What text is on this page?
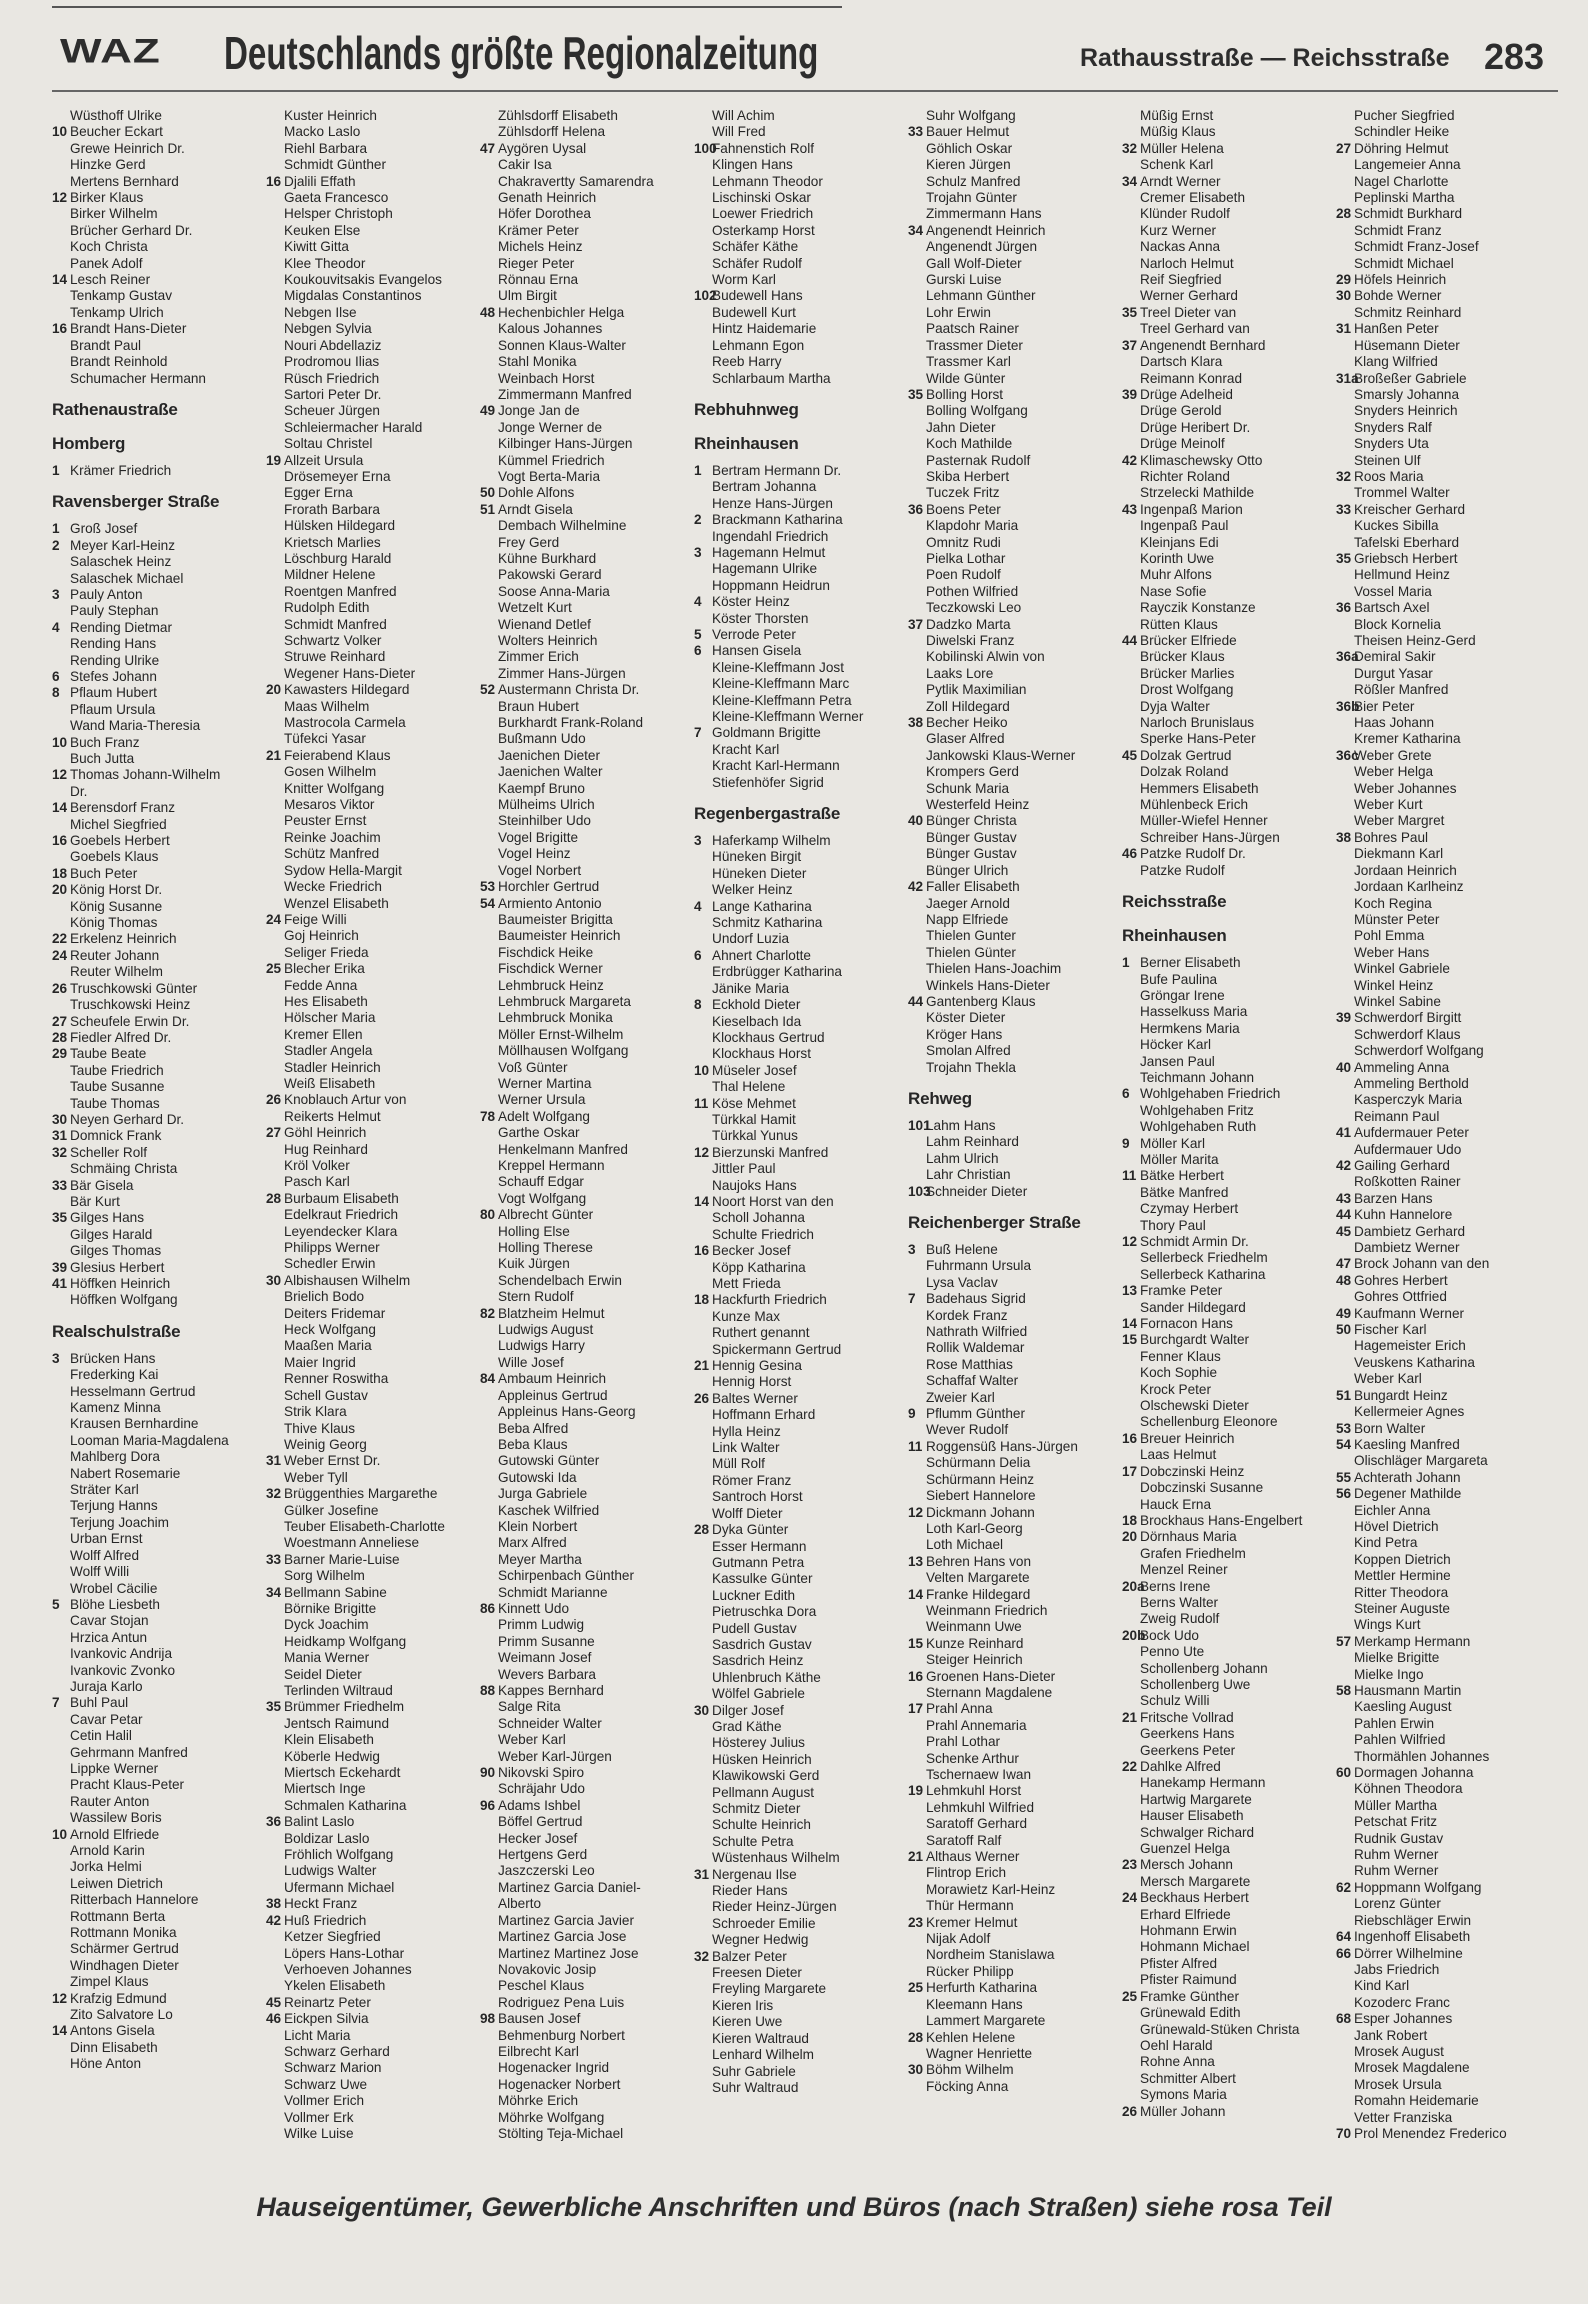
WAZ Deutschlands größte Regionalzeitung	Rathausstraße — Reichsstraße 283
Wüsthoff Ulrike
10 Beucher Eckart
Grewe Heinrich Dr.
Hinzke Gerd
Mertens Bernhard
12 Birker Klaus
Birker Wilhelm
Brücher Gerhard Dr.
Koch Christa
Panek Adolf
14 Lesch Reiner
Tenkamp Gustav
Tenkamp Ulrich
16 Brandt Hans-Dieter
Brandt Paul
Brandt Reinhold
Schumacher Hermann
Rathenaustraße
Homberg
1 Krämer Friedrich
Ravensberger Straße
1 Groß Josef
2 Meyer Karl-Heinz
Salaschek Heinz
Salaschek Michael
3 Pauly Anton
Pauly Stephan
4 Rending Dietmar
Rending Hans
Rending Ulrike
6 Stefes Johann
8 Pflaum Hubert
Pflaum Ursula
Wand Maria-Theresia
10 Buch Franz
Buch Jutta
12 Thomas Johann-Wilhelm
Dr.
14 Berensdorf Franz
Michel Siegfried
16 Goebels Herbert
Goebels Klaus
18 Buch Peter
20 König Horst Dr.
König Susanne
König Thomas
22 Erkelenz Heinrich
24 Reuter Johann
Reuter Wilhelm
26 Truschkowski Günter
Truschkowski Heinz
27 Scheufele Erwin Dr.
28 Fiedler Alfred Dr.
29 Taube Beate
Taube Friedrich
Taube Susanne
Taube Thomas
30 Neyen Gerhard Dr.
31 Domnick Frank
32 Scheller Rolf
Schmäing Christa
33 Bär Gisela
Bär Kurt
35 Gilges Hans
Gilges Harald
Gilges Thomas
39 Glesius Herbert
41 Höffken Heinrich
Höffken Wolfgang
Realschulstraße
3 Brücken Hans
Frederking Kai
Hesselmann Gertrud
Kamenz Minna
Krausen Bernhardine
Looman Maria-Magdalena
Mahlberg Dora
Nabert Rosemarie
Sträter Karl
Terjung Hanns
Terjung Joachim
Urban Ernst
Wolff Alfred
Wolff Willi
Wrobel Cäcilie
5 Blöhe Liesbeth
Cavar Stojan
Hrzica Antun
Ivankovic Andrija
Ivankovic Zvonko
Juraja Karlo
7 Buhl Paul
Cavar Petar
Cetin Halil
Gehrmann Manfred
Lippke Werner
Pracht Klaus-Peter
Rauter Anton
Wassilew Boris
10 Arnold Elfriede
Arnold Karin
Jorka Helmi
Leiwen Dietrich
Ritterbach Hannelore
Rottmann Berta
Rottmann Monika
Schärmer Gertrud
Windhagen Dieter
Zimpel Klaus
12 Krafzig Edmund
Zito Salvatore Lo
14 Antons Gisela
Dinn Elisabeth
Höne Anton
Kuster Heinrich
Macko Laslo
Riehl Barbara
Schmidt Günther
16 Djalili Effath
Gaeta Francesco
Helsper Christoph
Keuken Else
Kiwitt Gitta
Klee Theodor
Koukouvitsakis Evangelos
Migdalas Constantinos
Nebgen Ilse
Nebgen Sylvia
Nouri Abdellaziz
Prodromou Ilias
Rüsch Friedrich
Sartori Peter Dr.
Scheuer Jürgen
Schleiermacher Harald
Soltau Christel
19 Allzeit Ursula
Drösemeyer Erna
Egger Erna
Frorath Barbara
Hülsken Hildegard
Krietsch Marlies
Löschburg Harald
Mildner Helene
Roentgen Manfred
Rudolph Edith
Schmidt Manfred
Schwartz Volker
Struwe Reinhard
Wegener Hans-Dieter
20 Kawasters Hildegard
Maas Wilhelm
Mastrocola Carmela
Tüfekci Yasar
21 Feierabend Klaus
Gosen Wilhelm
Knitter Wolfgang
Mesaros Viktor
Peuster Ernst
Reinke Joachim
Schütz Manfred
Sydow Hella-Margit
Wecke Friedrich
Wenzel Elisabeth
24 Feige Willi
Goj Heinrich
Seliger Frieda
25 Blecher Erika
Fedde Anna
Hes Elisabeth
Hölscher Maria
Kremer Ellen
Stadler Angela
Stadler Heinrich
Weiß Elisabeth
26 Knoblauch Artur von
Reikerts Helmut
27 Göhl Heinrich
Hug Reinhard
Kröl Volker
Pasch Karl
28 Burbaum Elisabeth
Edelkraut Friedrich
Leyendecker Klara
Philipps Werner
Schedler Erwin
30 Albishausen Wilhelm
Brielich Bodo
Deiters Fridemar
Heck Wolfgang
Maaßen Maria
Maier Ingrid
Renner Roswitha
Schell Gustav
Strik Klara
Thive Klaus
Weinig Georg
31 Weber Ernst Dr.
Weber Tyll
32 Brüggenthies Margarethe
Gülker Josefine
Teuber Elisabeth-Charlotte
Woestmann Anneliese
33 Barner Marie-Luise
Sorg Wilhelm
34 Bellmann Sabine
Börnike Brigitte
Dyck Joachim
Heidkamp Wolfgang
Mania Werner
Seidel Dieter
Terlinden Wiltraud
35 Brümmer Friedhelm
Jentsch Raimund
Klein Elisabeth
Köberle Hedwig
Miertsch Eckehardt
Miertsch Inge
Schmalen Katharina
36 Balint Laslo
Boldizar Laslo
Fröhlich Wolfgang
Ludwigs Walter
Ufermann Michael
38 Heckt Franz
42 Huß Friedrich
Ketzer Siegfried
Löpers Hans-Lothar
Verhoeven Johannes
Ykelen Elisabeth
45 Reinartz Peter
46 Eickpen Silvia
Licht Maria
Schwarz Gerhard
Schwarz Marion
Schwarz Uwe
Vollmer Erich
Vollmer Erk
Wilke Luise
Zühlsdorff Elisabeth
Zühlsdorff Helena
47 Aygören Uysal
Cakir Isa
Chakravertty Samarendra
Genath Heinrich
Höfer Dorothea
Krämer Peter
Michels Heinz
Rieger Peter
Rönnau Erna
Ulm Birgit
48 Hechenbichler Helga
Kalous Johannes
Sonnen Klaus-Walter
Stahl Monika
Weinbach Horst
Zimmermann Manfred
49 Jonge Jan de
Jonge Werner de
Kilbinger Hans-Jürgen
Kümmel Friedrich
Vogt Berta-Maria
50 Dohle Alfons
51 Arndt Gisela
Dembach Wilhelmine
Frey Gerd
Kühne Burkhard
Pakowski Gerard
Soose Anna-Maria
Wetzelt Kurt
Wienand Detlef
Wolters Heinrich
Zimmer Erich
Zimmer Hans-Jürgen
52 Austermann Christa Dr.
Braun Hubert
Burkhardt Frank-Roland
Bußmann Udo
Jaenichen Dieter
Jaenichen Walter
Kaempf Bruno
Mülheims Ulrich
Steinhilber Udo
Vogel Brigitte
Vogel Heinz
Vogel Norbert
53 Horchler Gertrud
54 Armiento Antonio
Baumeister Brigitta
Baumeister Heinrich
Fischdick Heike
Fischdick Werner
Lehmbruck Heinz
Lehmbruck Margareta
Lehmbruck Monika
Möller Ernst-Wilhelm
Möllhausen Wolfgang
Voß Günter
Werner Martina
Werner Ursula
78 Adelt Wolfgang
Garthe Oskar
Henkelmann Manfred
Kreppel Hermann
Schauff Edgar
Vogt Wolfgang
80 Albrecht Günter
Holling Else
Holling Therese
Kuik Jürgen
Schendelbach Erwin
Stern Rudolf
82 Blatzheim Helmut
Ludwigs August
Ludwigs Harry
Wille Josef
84 Ambaum Heinrich
Appleinus Gertrud
Appleinus Hans-Georg
Beba Alfred
Beba Klaus
Gutowski Günter
Gutowski Ida
Jurga Gabriele
Kaschek Wilfried
Klein Norbert
Marx Alfred
Meyer Martha
Schirpenbach Günther
Schmidt Marianne
86 Kinnett Udo
Primm Ludwig
Primm Susanne
Weimann Josef
Wevers Barbara
88 Kappes Bernhard
Salge Rita
Schneider Walter
Weber Karl
Weber Karl-Jürgen
90 Nikovski Spiro
Schräjahr Udo
96 Adams Ishbel
Böffel Gertrud
Hecker Josef
Hertgens Gerd
Jaszczerski Leo
Martinez Garcia Daniel-
Alberto
Martinez Garcia Javier
Martinez Garcia Jose
Martinez Martinez Jose
Novakovic Josip
Peschel Klaus
Rodriguez Pena Luis
98 Bausen Josef
Behmenburg Norbert
Eilbrecht Karl
Hogenacker Ingrid
Hogenacker Norbert
Möhrke Erich
Möhrke Wolfgang
Stölting Teja-Michael
Will Achim
Will Fred
100Fahnenstich Rolf
Klingen Hans
Lehmann Theodor
Lischinski Oskar
Loewer Friedrich
Osterkamp Horst
Schäfer Käthe
Schäfer Rudolf
Worm Karl
102Budewell Hans
Budewell Kurt
Hintz Haidemarie
Lehmann Egon
Reeb Harry
Schlarbaum Martha
Rebhuhnweg
Rheinhausen
1 Bertram Hermann Dr.
Bertram Johanna
Henze Hans-Jürgen
2 Brackmann Katharina
Ingendahl Friedrich
3 Hagemann Helmut
Hagemann Ulrike
Hoppmann Heidrun
4 Köster Heinz
Köster Thorsten
5 Verrode Peter
6 Hansen Gisela
Kleine-Kleffmann Jost
Kleine-Kleffmann Marc
Kleine-Kleffmann Petra
Kleine-Kleffmann Werner
7 Goldmann Brigitte
Kracht Karl
Kracht Karl-Hermann
Stiefenhöfer Sigrid
Regenbergastraße
3 Haferkamp Wilhelm
Hüneken Birgit
Hüneken Dieter
Welker Heinz
4 Lange Katharina
Schmitz Katharina
Undorf Luzia
6 Ahnert Charlotte
Erdbrügger Katharina
Jänike Maria
8 Eckhold Dieter
Kieselbach Ida
Klockhaus Gertrud
Klockhaus Horst
10 Müseler Josef
Thal Helene
11 Köse Mehmet
Türkkal Hamit
Türkkal Yunus
12 Bierzunski Manfred
Jittler Paul
Naujoks Hans
14 Noort Horst van den
Scholl Johanna
Schulte Friedrich
16 Becker Josef
Köpp Katharina
Mett Frieda
18 Hackfurth Friedrich
Kunze Max
Ruthert genannt
Spickermann Gertrud
21 Hennig Gesina
Hennig Horst
26 Baltes Werner
Hoffmann Erhard
Hylla Heinz
Link Walter
Müll Rolf
Römer Franz
Santroch Horst
Wolff Dieter
28 Dyka Günter
Esser Hermann
Gutmann Petra
Kassulke Günter
Luckner Edith
Pietruschka Dora
Pudell Gustav
Sasdrich Gustav
Sasdrich Heinz
Uhlenbruch Käthe
Wölfel Gabriele
30 Dilger Josef
Grad Käthe
Hösterey Julius
Hüsken Heinrich
Klawikowski Gerd
Pellmann August
Schmitz Dieter
Schulte Heinrich
Schulte Petra
Wüstenhaus Wilhelm
31 Nergenau Ilse
Rieder Hans
Rieder Heinz-Jürgen
Schroeder Emilie
Wegner Hedwig
32 Balzer Peter
Freesen Dieter
Freyling Margarete
Kieren Iris
Kieren Uwe
Kieren Waltraud
Lenhard Wilhelm
Suhr Gabriele
Suhr Waltraud
Suhr Wolfgang
33 Bauer Helmut
Göhlich Oskar
Kieren Jürgen
Schulz Manfred
Trojahn Günter
Zimmermann Hans
34 Angenendt Heinrich
Angenendt Jürgen
Gall Wolf-Dieter
Gurski Luise
Lehmann Günther
Lohr Erwin
Paatsch Rainer
Trassmer Dieter
Trassmer Karl
Wilde Günter
35 Bolling Horst
Bolling Wolfgang
Jahn Dieter
Koch Mathilde
Pasternak Rudolf
Skiba Herbert
Tuczek Fritz
36 Boens Peter
Klapdohr Maria
Omnitz Rudi
Pielka Lothar
Poen Rudolf
Pothen Wilfried
Teczkowski Leo
37 Dadzko Marta
Diwelski Franz
Kobilinski Alwin von
Laaks Lore
Pytlik Maximilian
Zoll Hildegard
38 Becher Heiko
Glaser Alfred
Jankowski Klaus-Werner
Krompers Gerd
Schunk Maria
Westerfeld Heinz
40 Bünger Christa
Bünger Gustav
Bünger Gustav
Bünger Ulrich
42 Faller Elisabeth
Jaeger Arnold
Napp Elfriede
Thielen Gunter
Thielen Günter
Thielen Hans-Joachim
Winkels Hans-Dieter
44 Gantenberg Klaus
Köster Dieter
Kröger Hans
Smolan Alfred
Trojahn Thekla
Rehweg
101Lahm Hans
Lahm Reinhard
Lahm Ulrich
Lahr Christian
103Schneider Dieter
Reichenberger Straße
3 Buß Helene
Fuhrmann Ursula
Lysa Vaclav
7 Badehaus Sigrid
Kordek Franz
Nathrath Wilfried
Rollik Waldemar
Rose Matthias
Schaffaf Walter
Zweier Karl
9 Pflumm Günther
Wever Rudolf
11 Roggensüß Hans-Jürgen
Schürmann Delia
Schürmann Heinz
Siebert Hannelore
12 Dickmann Johann
Loth Karl-Georg
Loth Michael
13 Behren Hans von
Velten Margarete
14 Franke Hildegard
Weinmann Friedrich
Weinmann Uwe
15 Kunze Reinhard
Steiger Heinrich
16 Groenen Hans-Dieter
Sternann Magdalene
17 Prahl Anna
Prahl Annemaria
Prahl Lothar
Schenke Arthur
Tschernaew Iwan
19 Lehmkuhl Horst
Lehmkuhl Wilfried
Saratoff Gerhard
Saratoff Ralf
21 Althaus Werner
Flintrop Erich
Morawietz Karl-Heinz
Thür Hermann
23 Kremer Helmut
Nijak Adolf
Nordheim Stanislawa
Rücker Philipp
25 Herfurth Katharina
Kleemann Hans
Lammert Margarete
28 Kehlen Helene
Wagner Henriette
30 Böhm Wilhelm
Föcking Anna
Müßig Ernst
Müßig Klaus
32 Müller Helena
Schenk Karl
34 Arndt Werner
Cremer Elisabeth
Klünder Rudolf
Kurz Werner
Nackas Anna
Narloch Helmut
Reif Siegfried
Werner Gerhard
35 Treel Dieter van
Treel Gerhard van
37 Angenendt Bernhard
Dartsch Klara
Reimann Konrad
39 Drüge Adelheid
Drüge Gerold
Drüge Heribert Dr.
Drüge Meinolf
42 Klimaschewsky Otto
Richter Roland
Strzelecki Mathilde
43 Ingenpaß Marion
Ingenpaß Paul
Kleinjans Edi
Korinth Uwe
Muhr Alfons
Nase Sofie
Rayczik Konstanze
Rütten Klaus
44 Brücker Elfriede
Brücker Klaus
Brücker Marlies
Drost Wolfgang
Dyja Walter
Narloch Brunislaus
Sperke Hans-Peter
45 Dolzak Gertrud
Dolzak Roland
Hemmers Elisabeth
Mühlenbeck Erich
Müller-Wiefel Henner
Schreiber Hans-Jürgen
46 Patzke Rudolf Dr.
Patzke Rudolf
Reichsstraße
Rheinhausen
1 Berner Elisabeth
Bufe Paulina
Gröngar Irene
Hasselkuss Maria
Hermkens Maria
Höcker Karl
Jansen Paul
Teichmann Johann
6 Wohlgehaben Friedrich
Wohlgehaben Fritz
Wohlgehaben Ruth
9 Möller Karl
Möller Marita
11 Bätke Herbert
Bätke Manfred
Czymay Herbert
Thory Paul
12 Schmidt Armin Dr.
Sellerbeck Friedhelm
Sellerbeck Katharina
13 Framke Peter
Sander Hildegard
14 Fornacon Hans
15 Burchgardt Walter
Fenner Klaus
Koch Sophie
Krock Peter
Olschewski Dieter
Schellenburg Eleonore
16 Breuer Heinrich
Laas Helmut
17 Dobczinski Heinz
Dobczinski Susanne
Hauck Erna
18 Brockhaus Hans-Engelbert
20 Dörnhaus Maria
Grafen Friedhelm
Menzel Reiner
20aBerns Irene
Berns Walter
Zweig Rudolf
20bBock Udo
Penno Ute
Schollenberg Johann
Schollenberg Uwe
Schulz Willi
21 Fritsche Vollrad
Geerkens Hans
Geerkens Peter
22 Dahlke Alfred
Hanekamp Hermann
Hartwig Margarete
Hauser Elisabeth
Schwalger Richard
Guenzel Helga
23 Mersch Johann
Mersch Margarete
24 Beckhaus Herbert
Erhard Elfriede
Hohmann Erwin
Hohmann Michael
Pfister Alfred
Pfister Raimund
25 Framke Günther
Grünewald Edith
Grünewald-Stüken Christa
Oehl Harald
Rohne Anna
Schmitter Albert
Symons Maria
26 Müller Johann
Pucher Siegfried
Schindler Heike
27 Döhring Helmut
Langemeier Anna
Nagel Charlotte
Peplinski Martha
28 Schmidt Burkhard
Schmidt Franz
Schmidt Franz-Josef
Schmidt Michael
29 Höfels Heinrich
30 Bohde Werner
Schmitz Reinhard
31 Hanßen Peter
Hüsemann Dieter
Klang Wilfried
31aBroßeßer Gabriele
Smarsly Johanna
Snyders Heinrich
Snyders Ralf
Snyders Uta
Steinen Ulf
32 Roos Maria
Trommel Walter
33 Kreischer Gerhard
Kuckes Sibilla
Tafelski Eberhard
35 Griebsch Herbert
Hellmund Heinz
Vossel Maria
36 Bartsch Axel
Block Kornelia
Theisen Heinz-Gerd
36aDemiral Sakir
Durgut Yasar
Rößler Manfred
36bBier Peter
Haas Johann
Kremer Katharina
36cWeber Grete
Weber Helga
Weber Johannes
Weber Kurt
Weber Margret
38 Bohres Paul
Diekmann Karl
Jordaan Heinrich
Jordaan Karlheinz
Koch Regina
Münster Peter
Pohl Emma
Weber Hans
Winkel Gabriele
Winkel Heinz
Winkel Sabine
39 Schwerdorf Birgitt
Schwerdorf Klaus
Schwerdorf Wolfgang
40 Ammeling Anna
Ammeling Berthold
Kasperczyk Maria
Reimann Paul
41 Aufdermauer Peter
Aufdermauer Udo
42 Gailing Gerhard
Roßkotten Rainer
43 Barzen Hans
44 Kuhn Hannelore
45 Dambietz Gerhard
Dambietz Werner
47 Brock Johann van den
48 Gohres Herbert
Gohres Ottfried
49 Kaufmann Werner
50 Fischer Karl
Hagemeister Erich
Veuskens Katharina
Weber Karl
51 Bungardt Heinz
Kellermeier Agnes
53 Born Walter
54 Kaesling Manfred
Olischläger Margareta
55 Achterath Johann
56 Degener Mathilde
Eichler Anna
Hövel Dietrich
Kind Petra
Koppen Dietrich
Mettler Hermine
Ritter Theodora
Steiner Auguste
Wings Kurt
57 Merkamp Hermann
Mielke Brigitte
Mielke Ingo
58 Hausmann Martin
Kaesling August
Pahlen Erwin
Pahlen Wilfried
Thormählen Johannes
60 Dormagen Johanna
Köhnen Theodora
Müller Martha
Petschat Fritz
Rudnik Gustav
Ruhm Werner
Ruhm Werner
62 Hoppmann Wolfgang
Lorenz Günter
Riebschläger Erwin
64 Ingenhoff Elisabeth
66 Dörrer Wilhelmine
Jabs Friedrich
Kind Karl
Kozoderc Franc
68 Esper Johannes
Jank Robert
Mrosek August
Mrosek Magdalene
Mrosek Ursula
Romahn Heidemarie
Vetter Franziska
70 Prol Menendez Frederico
Hauseigentümer, Gewerbliche Anschriften und Büros (nach Straßen) siehe rosa Teil
